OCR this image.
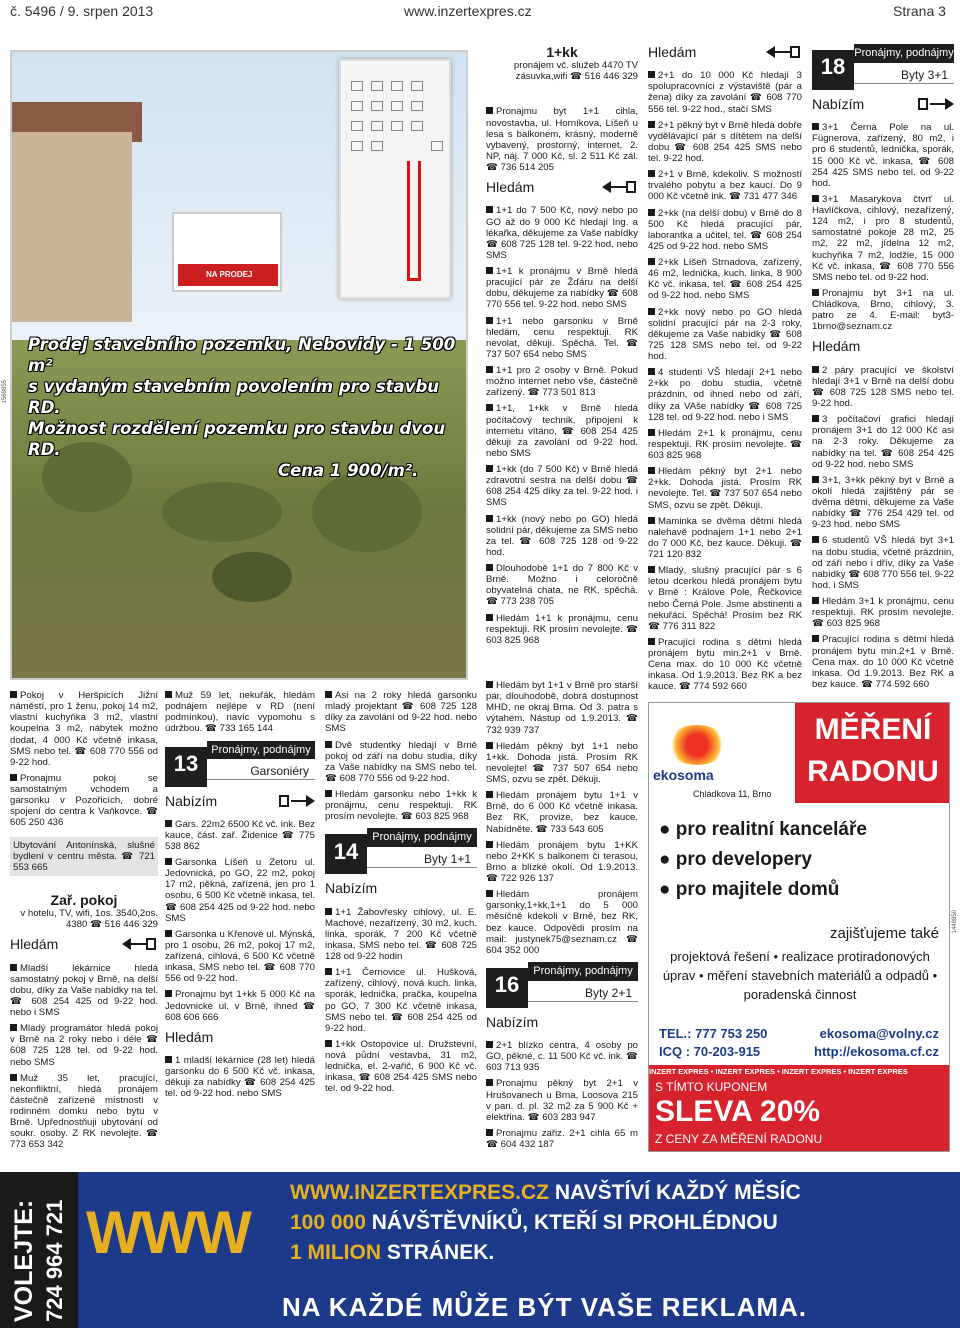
č. 5496 / 9. srpen 2013	www.inzertexpres.cz	Strana 3
NA PRODEJ
Prodej stavebního pozemku, Nebovidy - 1 500 m²
s vydaným stavebním povolením pro stavbu RD.
Možnost rozdělení pozemku pro stavbu dvou RD.
Cena 1 900/m².
1569855
Pokoj v Heršpicích Jižní náměstí, pro 1 ženu, pokoj 14 m2, vlastní kuchyňka 3 m2, vlastní koupelna 3 m2, nábytek možno dodat, 4 000 Kč včetně inkasa, SMS nebo tel. ☎ 608 770 556 od 9-22 hod.
Pronajmu pokoj se samostatným vchodem a garsonku v Pozořicích, dobré spojení do centra k Vaňkovce. ☎ 605 250 436
Ubytování Antonínská, slušné bydlení v centru města. ☎ 721 553 665
Zař. pokoj
v hotelu, TV, wifi, 1os. 3540,2os. 4380 ☎ 516 446 329
Hledám
Mladší lékárnice hledá samostatný pokoj v Brně, na delší dobu, díky za Vaše nabídky na tel. ☎ 608 254 425 od 9-22 hod. nebo i SMS
Mladý programátor hledá pokoj v Brně na 2 roky nebo i déle ☎ 608 725 128 tel. od 9-22 hod. nebo SMS
Muž 35 let, pracující, nekonfliktní, hledá pronájem částečně zařízené místnosti v rodinném domku nebo bytu v Brně. Upřednostňuji ubytování od soukr. osoby. Z RK nevolejte. ☎ 773 653 342
Muž 59 let, nekuřák, hledám podnájem nejlépe v RD (není podmínkou), navíc vypomohu s údržbou. ☎ 733 165 144
13
Pronájmy, podnájmy
Garsoniéry
Nabízím
Gars. 22m2 6500 Kč vč. ink. Bez kauce, část. zař. Židenice ☎ 775 538 862
Garsonka Líšeň u Zetoru ul. Jedovnická, po GO, 22 m2, pokoj 17 m2, pěkná, zařízená, jen pro 1 osobu, 6 500 Kč včetně inkasa, tel. ☎ 608 254 425 od 9-22 hod. nebo SMS
Garsonka u Křenové ul. Mýnská, pro 1 osobu, 26 m2, pokoj 17 m2, zařízená, cihlová, 6 500 Kč včetně inkasa, SMS nebo tel. ☎ 608 770 556 od 9-22 hod.
Pronajmu byt 1+kk 5 000 Kč na Jedovnické ul. v Brně, ihned ☎ 608 606 666
Hledám
1 mladší lékárnice (28 let) hledá garsonku do 6 500 Kč vč. inkasa, děkuji za nabídky ☎ 608 254 425 tel. od 9-22 hod. nebo SMS
1+kk
pronájem vč. služeb 4470 TV zásuvka,wifi ☎ 516 446 329
Pronajmu byt 1+1 cihla, novostavba, ul. Horníkova, Líšeň u lesa s balkonem, krásný, moderně vybavený, prostorný, internet, 2. NP, náj. 7 000 Kč, sl. 2 511 Kč zál. ☎ 736 514 205
Hledám
1+1 do 7 500 Kč, nový nebo po GO až do 9 000 Kč hledají Ing. a lékařka, děkujeme za Vaše nabídky ☎ 608 725 128 tel. 9-22 hod. nebo SMS
1+1 k pronájmu v Brně hledá pracující pár ze Žďáru na delší dobu, děkujeme za nabídky ☎ 608 770 556 tel. 9-22 hod. nebo SMS
1+1 nebo garsonku v Brně hledám, cenu respektuji. RK nevolat, děkuji. Spěchá. Tel. ☎ 737 507 654 nebo SMS
1+1 pro 2 osoby v Brně. Pokud možno internet nebo vše, částečně zařízený. ☎ 773 501 813
1+1, 1+kk v Brně hledá počítačový technik, připojení k internetu vítáno, ☎ 608 254 425 děkuji za zavolání od 9-22 hod. nebo SMS
1+kk (do 7 500 Kč) v Brně hledá zdravotní sestra na delší dobu ☎ 608 254 425 díky za tel. 9-22 hod. i SMS
1+kk (nový nebo po GO) hledá solidní pár, děkujeme za SMS nebo za tel. ☎ 608 725 128 od 9-22 hod.
Dlouhodobě 1+1 do 7 800 Kč v Brně. Možno i celoročně obyvatelná chata, ne RK, spěchá. ☎ 773 238 705
Hledám 1+1 k pronájmu, cenu respektuji. RK prosím nevolejte. ☎ 603 825 968
Asi na 2 roky hledá garsonku mladý projektant ☎ 608 725 128 díky za zavolání od 9-22 hod. nebo SMS
Dvě studentky hledají v Brně pokoj od září na dobu studia, díky za Vaše nabídky na SMS nebo tel. ☎ 608 770 556 od 9-22 hod.
Hledám garsonku nebo 1+kk k pronájmu, cenu respektuji. RK prosím nevolejte. ☎ 603 825 968
14
Pronájmy, podnájmy
Byty 1+1
Nabízím
1+1 Žabovřesky cihlový, ul. E. Machové, nezařízený, 30 m2, kuch. linka, sporák, 7 200 Kč včetně inkasa, SMS nebo tel. ☎ 608 725 128 od 9-22 hodin
1+1 Černovice ul. Hušková, zařízený, cihlový, nová kuch. linka, sporák, lednička, pračka, koupelna po GO, 7 300 Kč včetně inkasa, SMS nebo tel. ☎ 608 254 425 od 9-22 hod.
1+kk Ostopovice ul. Družstevní, nová půdní vestavba, 31 m2, lednička, el. 2-vařič, 6 900 Kč vč. inkasa, ☎ 608 254 425 SMS nebo tel. od 9-22 hod.
Hledám byt 1+1 v Brně pro starší pár, dlouhodobě, dobrá dostupnost MHD, ne okraj Brna. Od 3. patra s výtahem. Nástup od 1.9.2013. ☎ 732 939 737
Hledám pěkný byt 1+1 nebo 1+kk. Dohoda jistá. Prosím RK nevolejte! ☎ 737 507 654 nebo SMS, ozvu se zpět. Děkuji.
Hledám pronájem bytu 1+1 v Brně, do 6 000 Kč včetně inkasa. Bez RK, provize, bez kauce. Nabídněte. ☎ 733 543 605
Hledám pronájem bytu 1+KK nebo 2+KK s balkonem či terasou, Brno a blízké okolí. Od 1.9.2013. ☎ 722 926 137
Hledám pronájem garsonky,1+kk,1+1 do 5 000 měsíčně kdekoli v Brně, bez RK, bez kauce. Odpovědi prosím na mail: justynek75@seznam.cz ☎ 604 352 000
16
Pronájmy, podnájmy
Byty 2+1
Nabízím
2+1 blízko centra, 4 osoby po GO, pěkné, c. 11 500 Kč vč. ink. ☎ 603 713 935
Pronajmu pěkný byt 2+1 v Hrušovanech u Brna, Loosova 215 v pan. d. pl. 32 m2 za 5 900 Kč + elektřina. ☎ 603 283 947
Pronajmu zařiz. 2+1 cihla 65 m ☎ 604 432 187
Hledám
2+1 do 10 000 Kč hledají 3 spolupracovníci z výstaviště (pár a žena) díky za zavolání ☎ 608 770 556 tel. 9-22 hod., stačí SMS
2+1 pěkný byt v Brně hledá dobře vydělávající pár s dítětem na delší dobu ☎ 608 254 425 SMS nebo tel. 9-22 hod.
2+1 v Brně, kdekoliv. S možností trvalého pobytu a bez kaucí. Do 9 000 Kč včetně ink. ☎ 731 477 346
2+kk (na delší dobu) v Brně do 8 500 Kč hledá pracující pár, laborantka a učitel, tel. ☎ 608 254 425 od 9-22 hod. nebo SMS
2+kk Líšeň Strnadova, zařízený, 46 m2, lednička, kuch. linka, 8 900 Kč vč. inkasa, tel. ☎ 608 254 425 od 9-22 hod. nebo SMS
2+kk nový nebo po GO hledá solidní pracující pár na 2-3 roky, děkujeme za Vaše nabídky ☎ 608 725 128 SMS nebo tel. od 9-22 hod.
4 studenti VŠ hledají 2+1 nebo 2+kk po dobu studia, včetně prázdnin, od ihned nebo od září, díky za VAše nabídky ☎ 608 725 128 tel. od 9-22 hod. nebo i SMS
Hledám 2+1 k pronájmu, cenu respektuji. RK prosím nevolejte. ☎ 603 825 968
Hledám pěkný byt 2+1 nebo 2+kk. Dohoda jistá. Prosím RK nevolejte. Tel. ☎ 737 507 654 nebo SMS, ozvu se zpět. Děkuji.
Maminka se dvěma dětmi hledá nalehavě podnajem 1+1 nebo 2+1 do 7 000 Kč, bez kauce. Děkuji. ☎ 721 120 832
Mladý, slušný pracující pár s 6 letou dcerkou hledá pronájem bytu v Brně : Králove Pole, Řečkovice nebo Černá Pole. Jsme abstinenti a nekuřáci. Spěchá! Prosím bez RK ☎ 776 311 822
Pracující rodina s dětmi hledá pronájem bytu min.2+1 v Brně. Cena max. do 10 000 Kč včetně inkasa. Od 1.9.2013. Bez RK a bez kauce. ☎ 774 592 660
18
Pronájmy, podnájmy
Byty 3+1
Nabízím
3+1 Černá Pole na ul. Fügnerova, zařízený, 80 m2, i pro 6 studentů, lednička, sporák, 15 000 Kč vč. inkasa, ☎ 608 254 425 SMS nebo tel. od 9-22 hod.
3+1 Masarykova čtvrť ul. Havlíčkova, cihlový, nezařízený, 124 m2, i pro 8 studentů, samostatné pokoje 28 m2, 25 m2, 22 m2, jídelna 12 m2, kuchyňka 7 m2, lodžie, 15 000 Kč vč. inkasa, ☎ 608 770 556 SMS nebo tel. od 9-22 hod.
Pronajmu byt 3+1 na ul. Chládkova, Brno, cihlový, 3. patro ze 4. E-mail: byt3-1brno@seznam.cz
Hledám
2 páry pracující ve školství hledají 3+1 v Brně na delší dobu ☎ 608 725 128 SMS nebo tel. 9-22 hod.
3 počítačoví grafici hledají pronájem 3+1 do 12 000 Kč asi na 2-3 roky. Děkujeme za nabídky na tel. ☎ 608 254 425 od 9-22 hod. nebo SMS
3+1, 3+kk pěkný byt v Brně a okolí hledá zajištěný pár se dvěma dětmi, děkujeme za Vaše nabídky ☎ 776 254 429 tel. od 9-23 hod. nebo SMS
6 studentů VŠ hledá byt 3+1 na dobu studia, včetně prázdnin, od září nebo i dřív, díky za Vaše nabídky ☎ 608 770 556 tel. 9-22 hod. i SMS
Hledám 3+1 k pronájmu, cenu respektuji. RK prosím nevolejte. ☎ 603 825 968
Pracující rodina s dětmi hledá pronájem bytu min.2+1 v Brně. Cena max. do 10 000 Kč včetně inkasa. Od 1.9.2013. Bez RK a bez kauce. ☎ 774 592 660
ekosoma
Chládkova 11, Brno
MĚŘENÍ
RADONU
● pro realitní kanceláře
● pro developery
● pro majitele domů
zajišťujeme také
projektová řešení • realizace protiradonových úprav • měření stavebních materiálů a odpadů • poradenská činnost
TEL.: 777 753 250
ICQ : 70-203-915
ekosoma@volny.cz
http://ekosoma.cf.cz
INZERT EXPRES • INZERT EXPRES • INZERT EXPRES • INZERT EXPRES
S TÍMTO KUPONEM
SLEVA 20%
Z CENY ZA MĚŘENÍ RADONU
1448850
VOLEJTE: 724 964 721 WWW
WWW.INZERTEXPRES.CZ NAVŠTÍVÍ KAŽDÝ MĚSÍC
100 000 NÁVŠTĚVNÍKŮ, KTEŘÍ SI PROHLÉDNOU
1 MILION STRÁNEK.
NA KAŽDÉ MŮŽE BÝT VAŠE REKLAMA.
